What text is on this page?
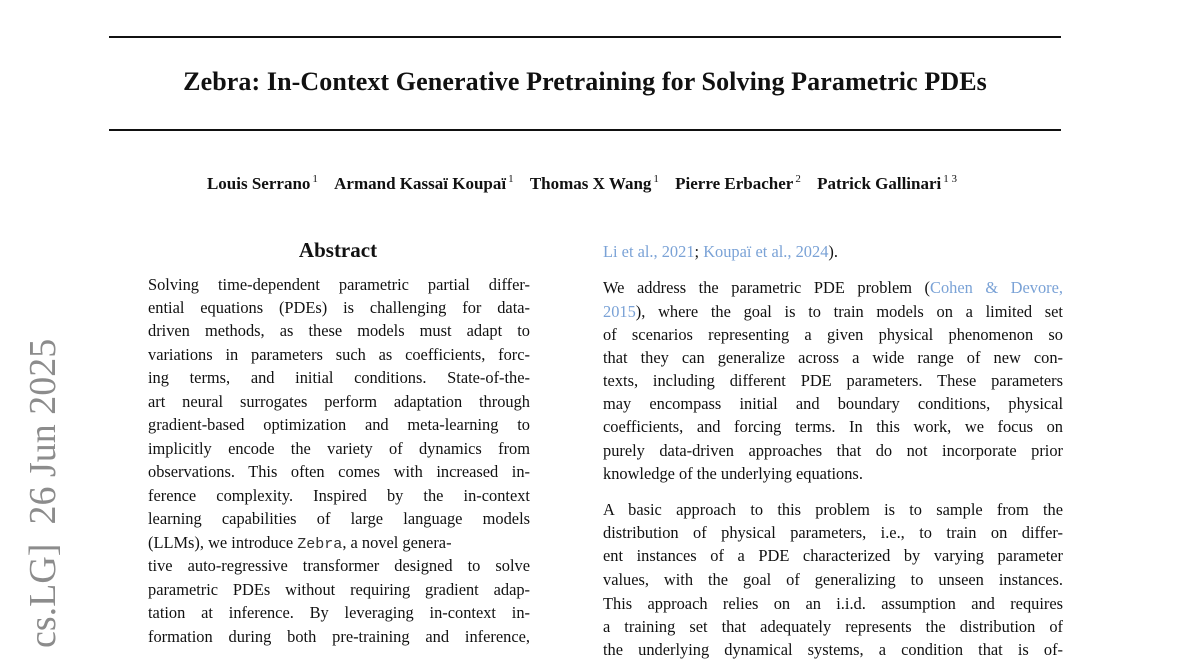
Zebra: In-Context Generative Pretraining for Solving Parametric PDEs
Louis Serrano $^1$ Armand Kassaï Koupaï $^1$ Thomas X Wang $^1$ Pierre Erbacher $^2$ Patrick Gallinari $^{1 3}$
cs.LG]  26 Jun 2025
Abstract
Solving time-dependent parametric partial differ-
ential equations (PDEs) is challenging for data-
driven methods, as these models must adapt to
variations in parameters such as coefficients, forc-
ing terms, and initial conditions. State-of-the-
art neural surrogates perform adaptation through
gradient-based optimization and meta-learning to
implicitly encode the variety of dynamics from
observations. This often comes with increased in-
ference complexity. Inspired by the in-context
learning capabilities of large language models
(LLMs), we introduce Zebra, a novel genera-
tive auto-regressive transformer designed to solve
parametric PDEs without requiring gradient adap-
tation at inference. By leveraging in-context in-
formation during both pre-training and inference,
Li et al., 2021; Koupaï et al., 2024).
We address the parametric PDE problem (Cohen & Devore,
2015), where the goal is to train models on a limited set
of scenarios representing a given physical phenomenon so
that they can generalize across a wide range of new con-
texts, including different PDE parameters. These parameters
may encompass initial and boundary conditions, physical
coefficients, and forcing terms. In this work, we focus on
purely data-driven approaches that do not incorporate prior
knowledge of the underlying equations.
A basic approach to this problem is to sample from the
distribution of physical parameters, i.e., to train on differ-
ent instances of a PDE characterized by varying parameter
values, with the goal of generalizing to unseen instances.
This approach relies on an i.i.d. assumption and requires
a training set that adequately represents the distribution of
the underlying dynamical systems, a condition that is of-
